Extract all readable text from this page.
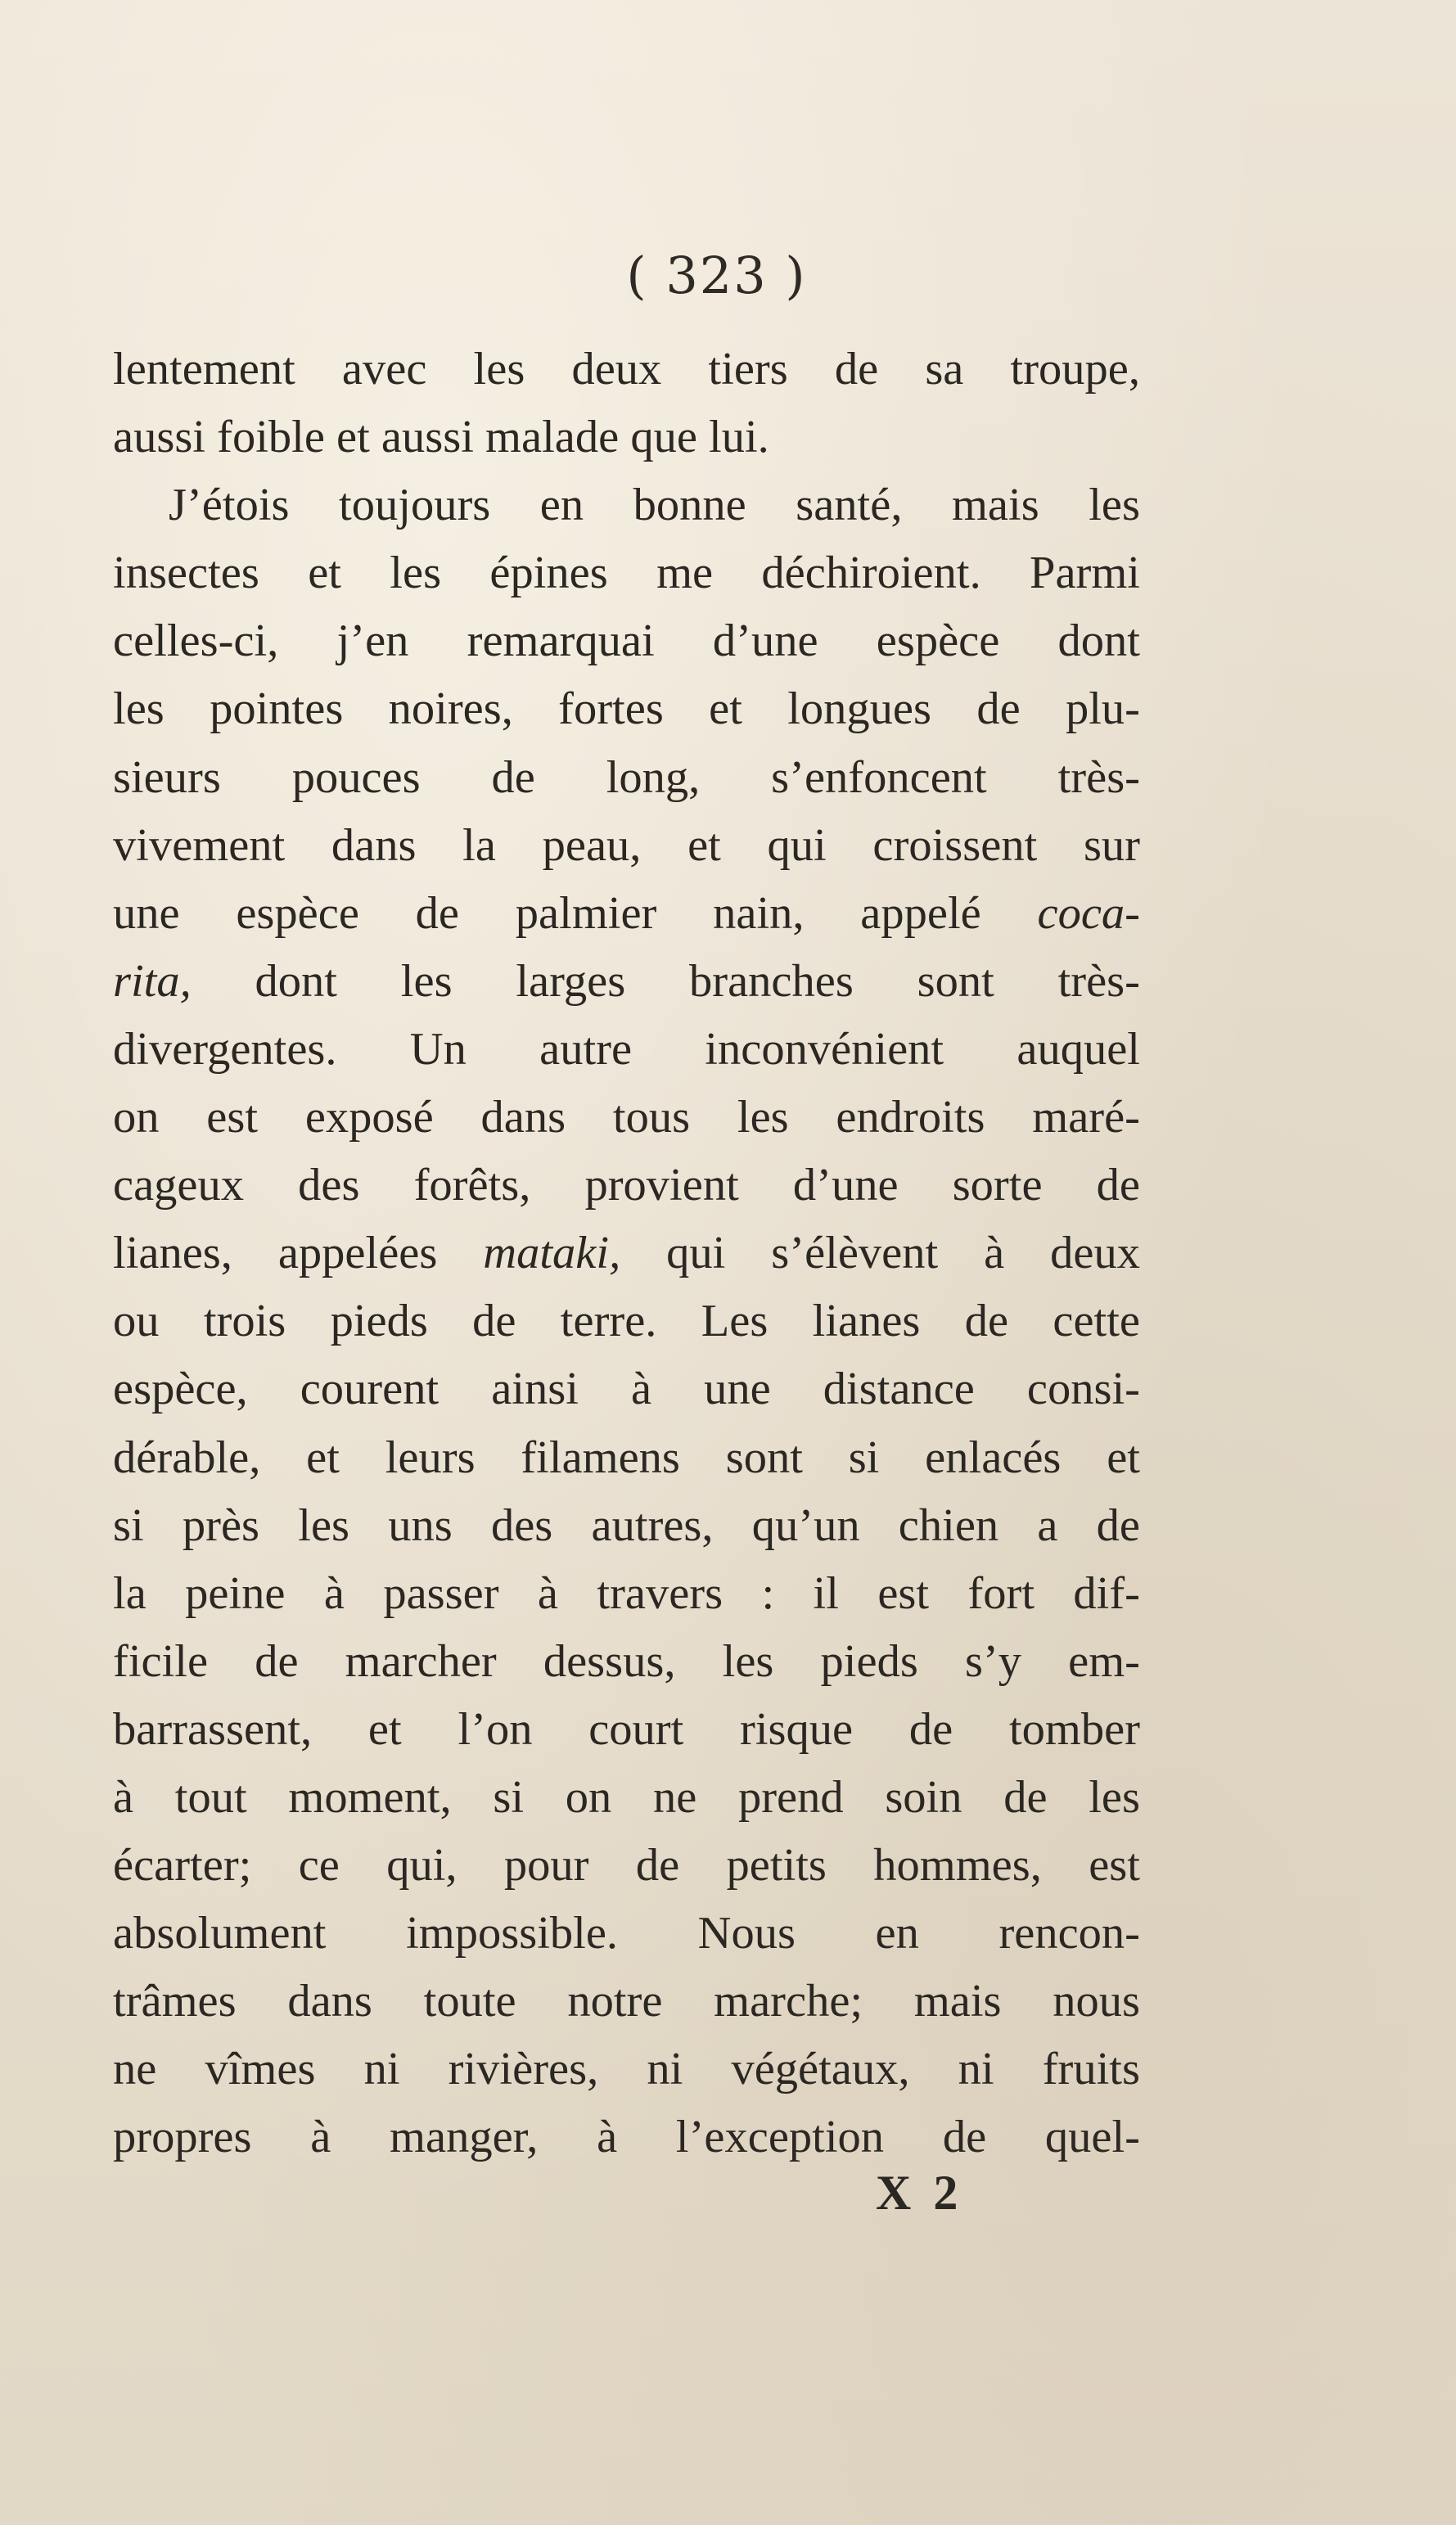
( 323 )
lentement avec les deux tiers de sa troupe,
aussi foible et aussi malade que lui.
J’étois toujours en bonne santé, mais les
insectes et les épines me déchiroient. Parmi
celles-ci, j’en remarquai d’une espèce dont
les pointes noires, fortes et longues de plu-
sieurs pouces de long, s’enfoncent très-
vivement dans la peau, et qui croissent sur
une espèce de palmier nain, appelé coca-
rita, dont les larges branches sont très-
divergentes. Un autre inconvénient auquel
on est exposé dans tous les endroits maré-
cageux des forêts, provient d’une sorte de
lianes, appelées mataki, qui s’élèvent à deux
ou trois pieds de terre. Les lianes de cette
espèce, courent ainsi à une distance consi-
dérable, et leurs filamens sont si enlacés et
si près les uns des autres, qu’un chien a de
la peine à passer à travers : il est fort dif-
ficile de marcher dessus, les pieds s’y em-
barrassent, et l’on court risque de tomber
à tout moment, si on ne prend soin de les
écarter; ce qui, pour de petits hommes, est
absolument impossible. Nous en rencon-
trâmes dans toute notre marche; mais nous
ne vîmes ni rivières, ni végétaux, ni fruits
propres à manger, à l’exception de quel-
X 2
